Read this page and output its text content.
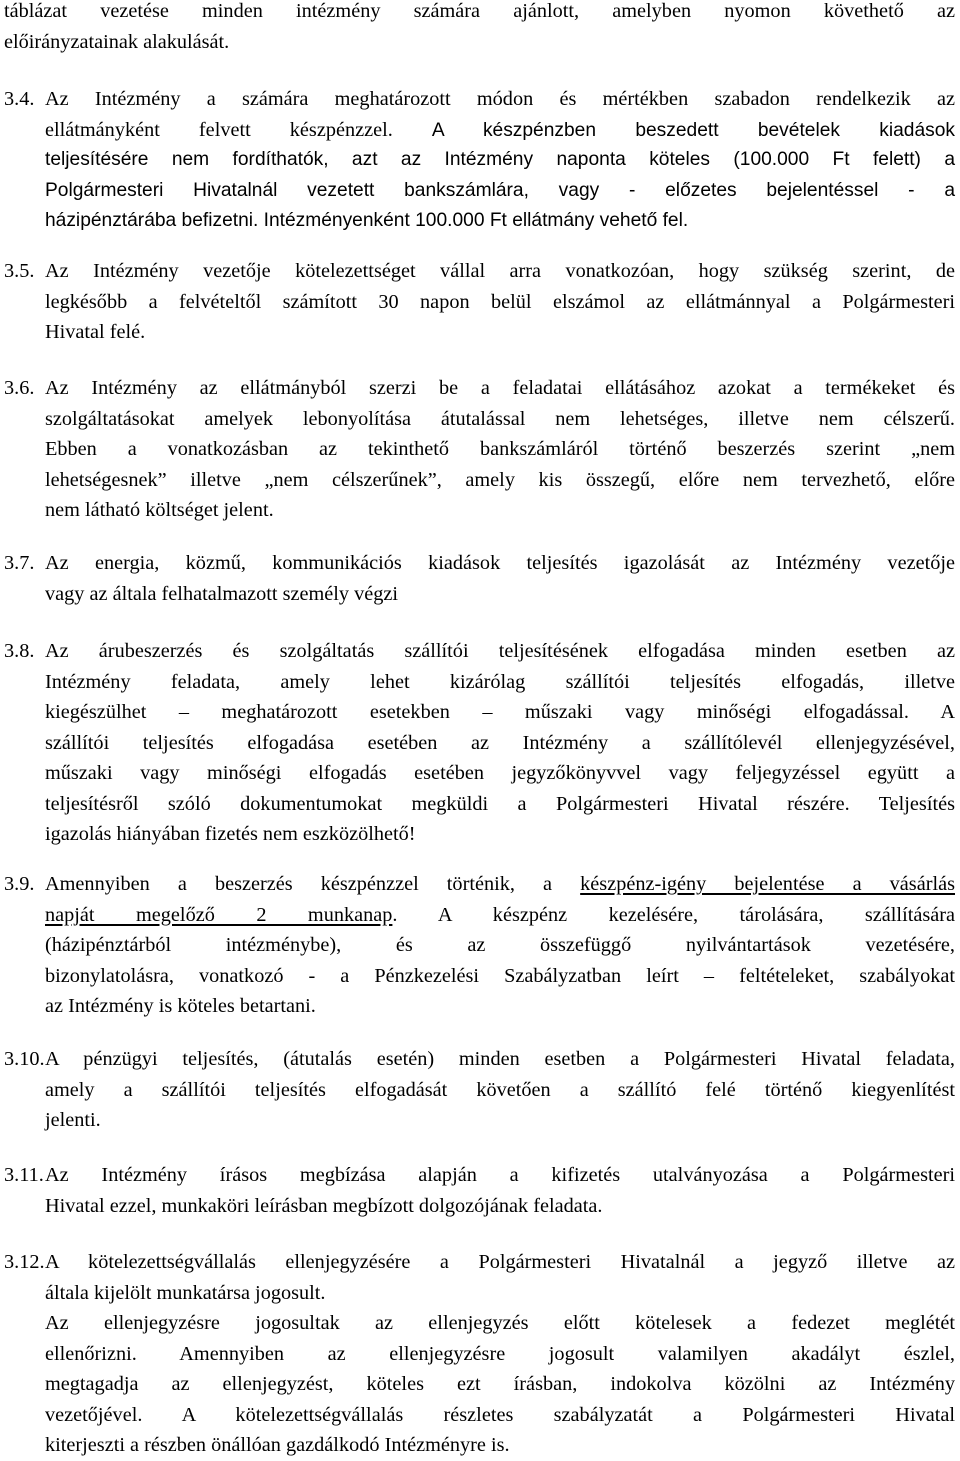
táblázat vezetése minden intézmény számára ajánlott, amelyben nyomon követhető az
előirányzatainak alakulását.
3.4. Az Intézmény a számára meghatározott módon és mértékben szabadon rendelkezik az
ellátmányként felvett készpénzzel. A készpénzben beszedett bevételek kiadások
teljesítésére nem fordíthatók, azt az Intézmény naponta köteles (100.000 Ft felett) a
Polgármesteri Hivatalnál vezetett bankszámlára, vagy - előzetes bejelentéssel - a
házipénztárába befizetni. Intézményenként 100.000 Ft ellátmány vehető fel.
3.5. Az Intézmény vezetője kötelezettséget vállal arra vonatkozóan, hogy szükség szerint, de
legkésőbb a felvételtől számított 30 napon belül elszámol az ellátmánnyal a Polgármesteri
Hivatal felé.
3.6. Az Intézmény az ellátmányból szerzi be a feladatai ellátásához azokat a termékeket és
szolgáltatásokat amelyek lebonyolítása átutalással nem lehetséges, illetve nem célszerű.
Ebben a vonatkozásban az tekinthető bankszámláról történő beszerzés szerint „nem
lehetségesnek” illetve „nem célszerűnek”, amely kis összegű, előre nem tervezhető, előre
nem látható költséget jelent.
3.7. Az energia, közmű, kommunikációs kiadások teljesítés igazolását az Intézmény vezetője
vagy az általa felhatalmazott személy végzi
3.8. Az árubeszerzés és szolgáltatás szállítói teljesítésének elfogadása minden esetben az
Intézmény feladata, amely lehet kizárólag szállítói teljesítés elfogadás, illetve
kiegészülhet – meghatározott esetekben – műszaki vagy minőségi elfogadással. A
szállítói teljesítés elfogadása esetében az Intézmény a szállítólevél ellenjegyzésével,
műszaki vagy minőségi elfogadás esetében jegyzőkönyvvel vagy feljegyzéssel együtt a
teljesítésről szóló dokumentumokat megküldi a Polgármesteri Hivatal részére. Teljesítés
igazolás hiányában fizetés nem eszközölhető!
3.9. Amennyiben a beszerzés készpénzzel történik, a készpénz-igény bejelentése a vásárlás
napját megelőző 2 munkanap. A készpénz kezelésére, tárolására, szállítására
(házipénztárból intézménybe), és az összefüggő nyilvántartások vezetésére,
bizonylatolásra, vonatkozó - a Pénzkezelési Szabályzatban leírt – feltételeket, szabályokat
az Intézmény is köteles betartani.
3.10.A pénzügyi teljesítés, (átutalás esetén) minden esetben a Polgármesteri Hivatal feladata,
amely a szállítói teljesítés elfogadását követően a szállító felé történő kiegyenlítést
jelenti.
3.11.Az Intézmény írásos megbízása alapján a kifizetés utalványozása a Polgármesteri
Hivatal ezzel, munkaköri leírásban megbízott dolgozójának feladata.
3.12.A kötelezettségvállalás ellenjegyzésére a Polgármesteri Hivatalnál a jegyző illetve az
általa kijelölt munkatársa jogosult.
Az ellenjegyzésre jogosultak az ellenjegyzés előtt kötelesek a fedezet meglétét
ellenőrizni. Amennyiben az ellenjegyzésre jogosult valamilyen akadályt észlel,
megtagadja az ellenjegyzést, köteles ezt írásban, indokolva közölni az Intézmény
vezetőjével. A kötelezettségvállalás részletes szabályzatát a Polgármesteri Hivatal
kiterjeszti a részben önállóan gazdálkodó Intézményre is.
